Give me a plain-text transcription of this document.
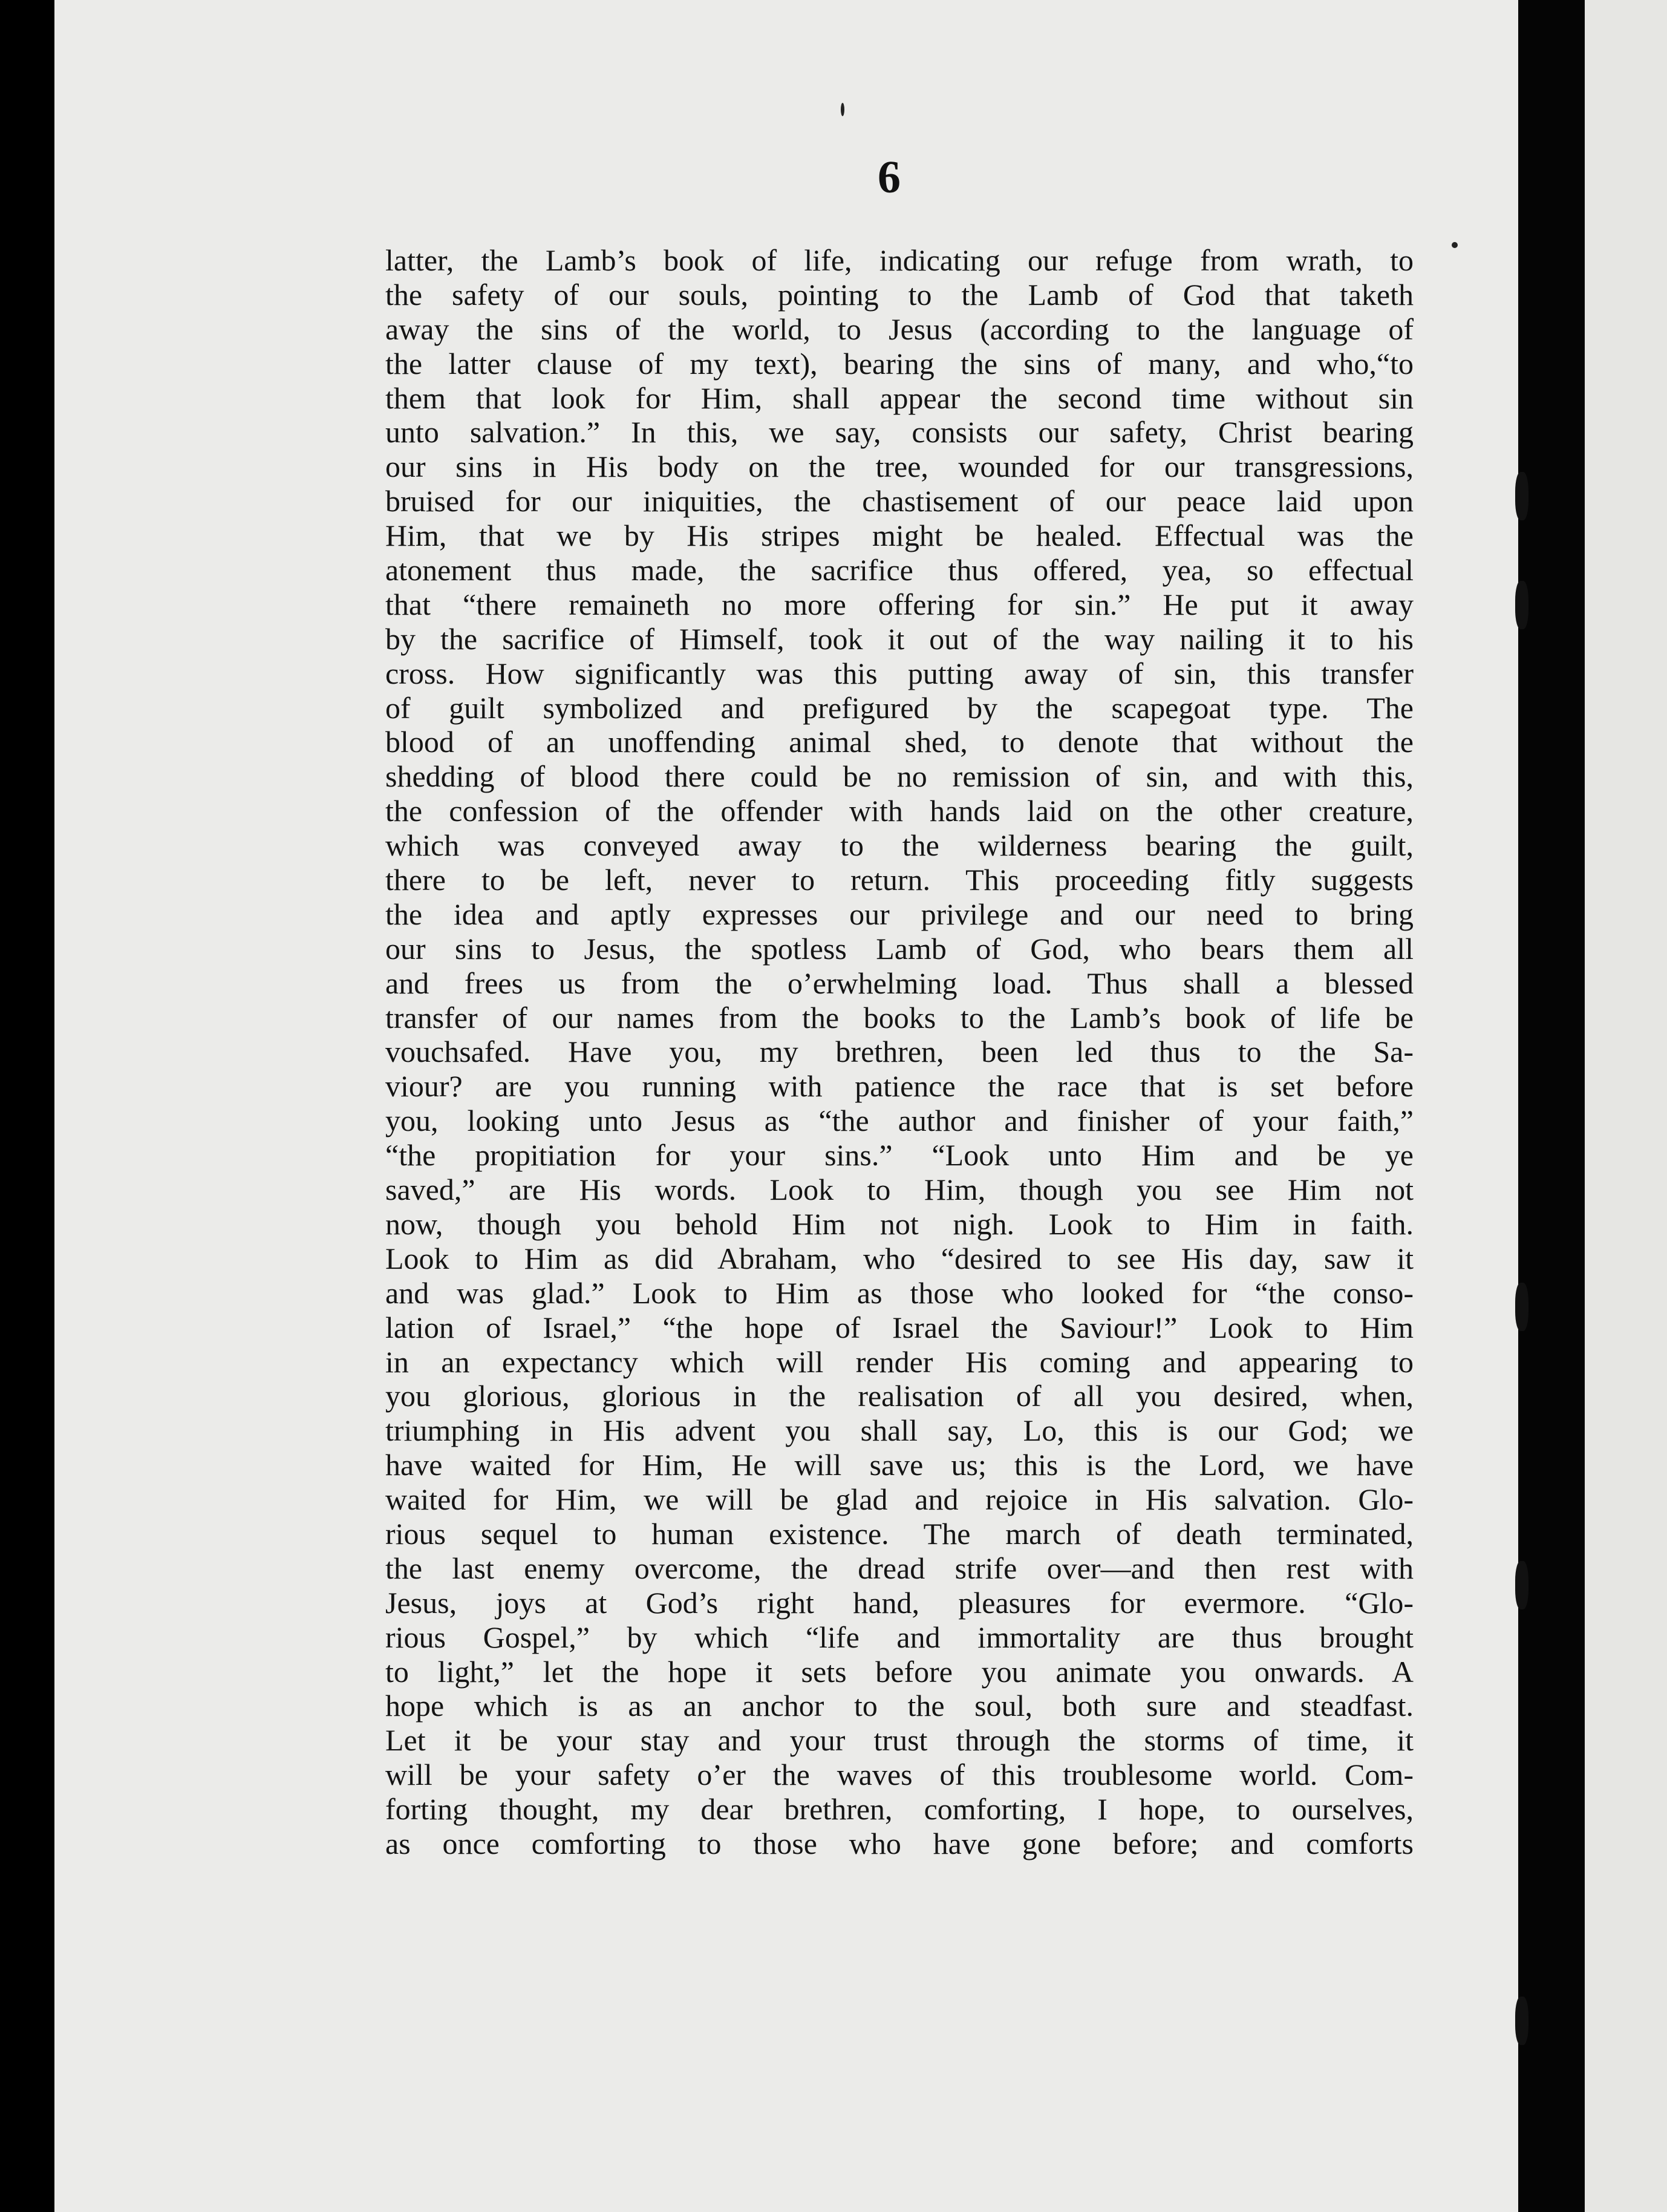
6
latter, the Lamb’s book of life, indicating our refuge from wrath, to
the safety of our souls, pointing to the Lamb of God that taketh
away the sins of the world, to Jesus (according to the language of
the latter clause of my text), bearing the sins of many, and who,“to
them that look for Him, shall appear the second time without sin
unto salvation.” In this, we say, consists our safety, Christ bearing
our sins in His body on the tree, wounded for our transgressions,
bruised for our iniquities, the chastisement of our peace laid upon
Him, that we by His stripes might be healed. Effectual was the
atonement thus made, the sacrifice thus offered, yea, so effectual
that “there remaineth no more offering for sin.” He put it away
by the sacrifice of Himself, took it out of the way nailing it to his
cross. How significantly was this putting away of sin, this transfer
of guilt symbolized and prefigured by the scapegoat type. The
blood of an unoffending animal shed, to denote that without the
shedding of blood there could be no remission of sin, and with this,
the confession of the offender with hands laid on the other creature,
which was conveyed away to the wilderness bearing the guilt,
there to be left, never to return. This proceeding fitly suggests
the idea and aptly expresses our privilege and our need to bring
our sins to Jesus, the spotless Lamb of God, who bears them all
and frees us from the o’erwhelming load. Thus shall a blessed
transfer of our names from the books to the Lamb’s book of life be
vouchsafed. Have you, my brethren, been led thus to the Sa-
viour? are you running with patience the race that is set before
you, looking unto Jesus as “the author and finisher of your faith,”
“the propitiation for your sins.” “Look unto Him and be ye
saved,” are His words. Look to Him, though you see Him not
now, though you behold Him not nigh. Look to Him in faith.
Look to Him as did Abraham, who “desired to see His day, saw it
and was glad.” Look to Him as those who looked for “the conso-
lation of Israel,” “the hope of Israel the Saviour!” Look to Him
in an expectancy which will render His coming and appearing to
you glorious, glorious in the realisation of all you desired, when,
triumphing in His advent you shall say, Lo, this is our God; we
have waited for Him, He will save us; this is the Lord, we have
waited for Him, we will be glad and rejoice in His salvation. Glo-
rious sequel to human existence. The march of death terminated,
the last enemy overcome, the dread strife over—and then rest with
Jesus, joys at God’s right hand, pleasures for evermore. “Glo-
rious Gospel,” by which “life and immortality are thus brought
to light,” let the hope it sets before you animate you onwards. A
hope which is as an anchor to the soul, both sure and steadfast.
Let it be your stay and your trust through the storms of time, it
will be your safety o’er the waves of this troublesome world. Com-
forting thought, my dear brethren, comforting, I hope, to ourselves,
as once comforting to those who have gone before; and comforts
